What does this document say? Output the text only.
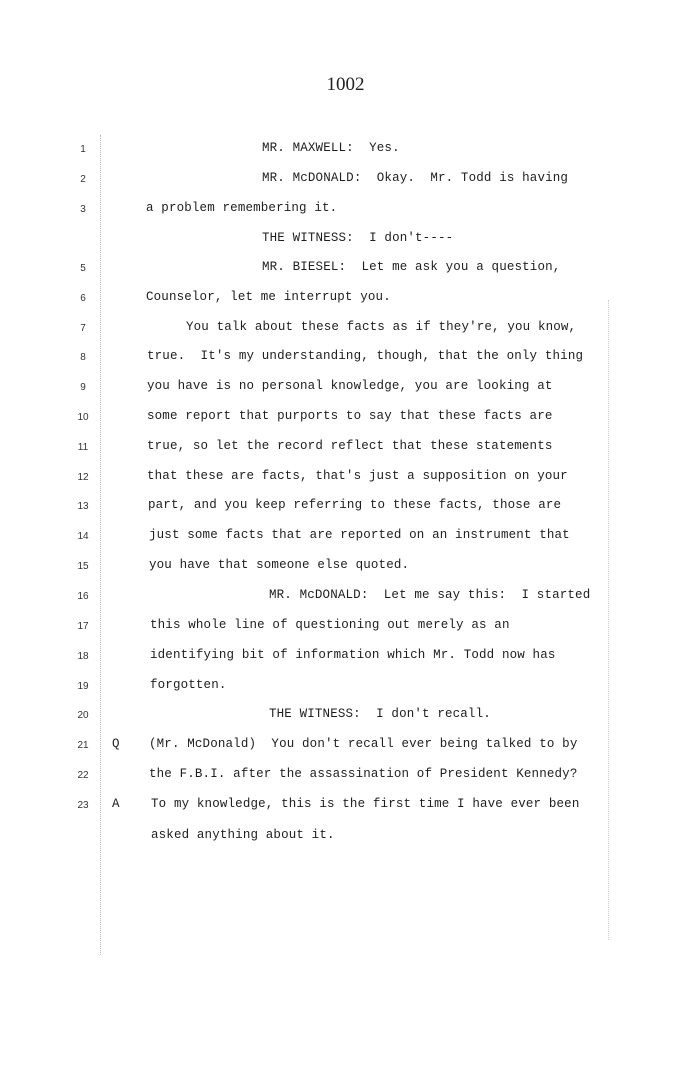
1002
1	MR. MAXWELL:  Yes.
2	MR. McDONALD:  Okay.  Mr. Todd is having
3	a problem remembering it.
THE WITNESS:  I don't----
5	MR. BIESEL:  Let me ask you a question,
6	Counselor, let me interrupt you.
7	You talk about these facts as if they're, you know,
8	true.  It's my understanding, though, that the only thing
9	you have is no personal knowledge, you are looking at
10	some report that purports to say that these facts are
11	true, so let the record reflect that these statements
12	that these are facts, that's just a supposition on your
13	part, and you keep referring to these facts, those are
14	just some facts that are reported on an instrument that
15	you have that someone else quoted.
16	MR. McDONALD:  Let me say this:  I started
17	this whole line of questioning out merely as an
18	identifying bit of information which Mr. Todd now has
19	forgotten.
20	THE WITNESS:  I don't recall.
21	Q (Mr. McDonald)  You don't recall ever being talked to by
22	the F.B.I. after the assassination of President Kennedy?
23	A	To my knowledge, this is the first time I have ever been
asked anything about it.
